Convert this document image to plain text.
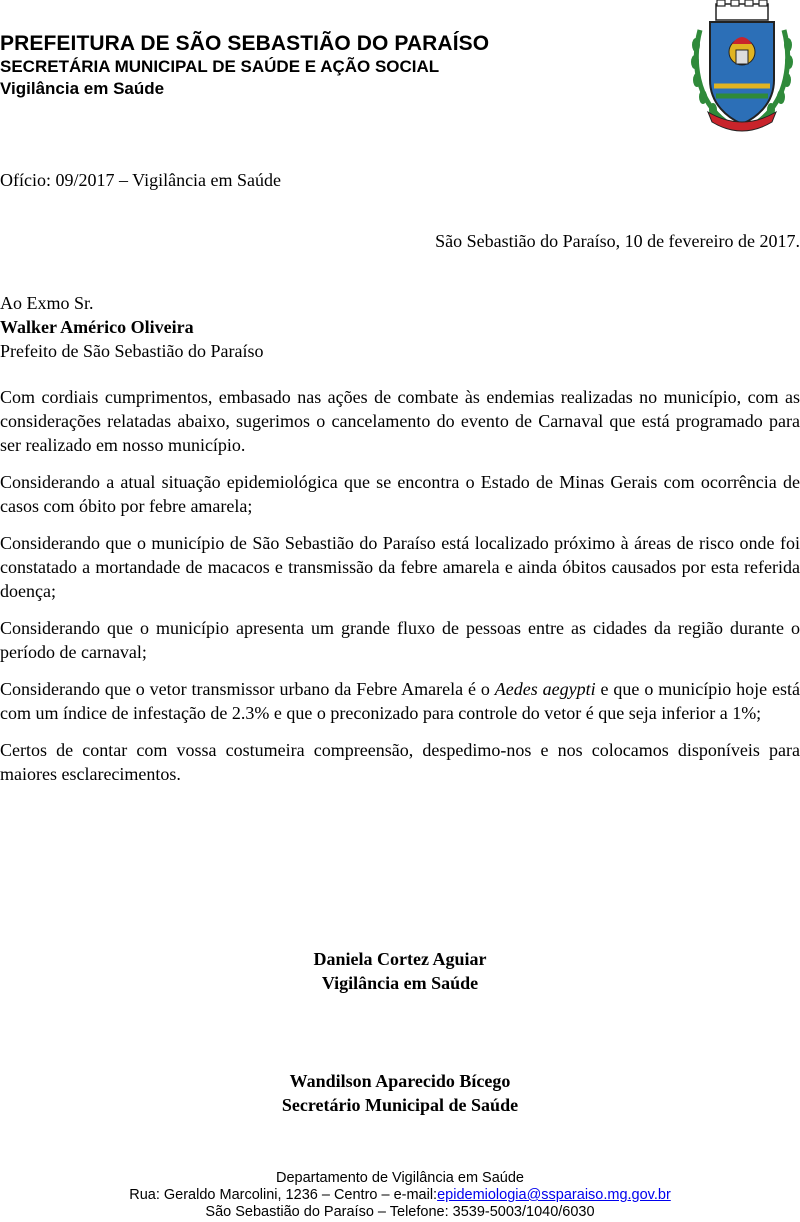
PREFEITURA DE SÃO SEBASTIÃO DO PARAÍSO
SECRETÁRIA MUNICIPAL DE SAÚDE E AÇÃO SOCIAL
Vigilância em Saúde
Ofício: 09/2017 – Vigilância em Saúde
São Sebastião do Paraíso, 10 de fevereiro de 2017.
Ao Exmo Sr.
Walker Américo Oliveira
Prefeito de São Sebastião do Paraíso

Com cordiais cumprimentos, embasado nas ações de combate às endemias realizadas no município, com as considerações relatadas abaixo, sugerimos o cancelamento do evento de Carnaval que está programado para ser realizado em nosso município.

Considerando a atual situação epidemiológica que se encontra o Estado de Minas Gerais com ocorrência de casos com óbito por febre amarela;

Considerando que o município de São Sebastião do Paraíso está localizado próximo à áreas de risco onde foi constatado a mortandade de macacos e transmissão da febre amarela e ainda óbitos causados por esta referida doença;

Considerando que o município apresenta um grande fluxo de pessoas entre as cidades da região durante o período de carnaval;

Considerando que o vetor transmissor urbano da Febre Amarela é o Aedes aegypti e que o município hoje está com um índice de infestação de 2.3% e que o preconizado para controle do vetor é que seja inferior a 1%;

Certos de contar com vossa costumeira compreensão, despedimo-nos e nos colocamos disponíveis para maiores esclarecimentos.

Daniela Cortez Aguiar
Vigilância em Saúde
Wandilson Aparecido Bícego
Secretário Municipal de Saúde
Departamento de Vigilância em Saúde
Rua: Geraldo Marcolini, 1236 – Centro – e-mail:epidemiologia@ssparaiso.mg.gov.br
São Sebastião do Paraíso – Telefone: 3539-5003/1040/6030
